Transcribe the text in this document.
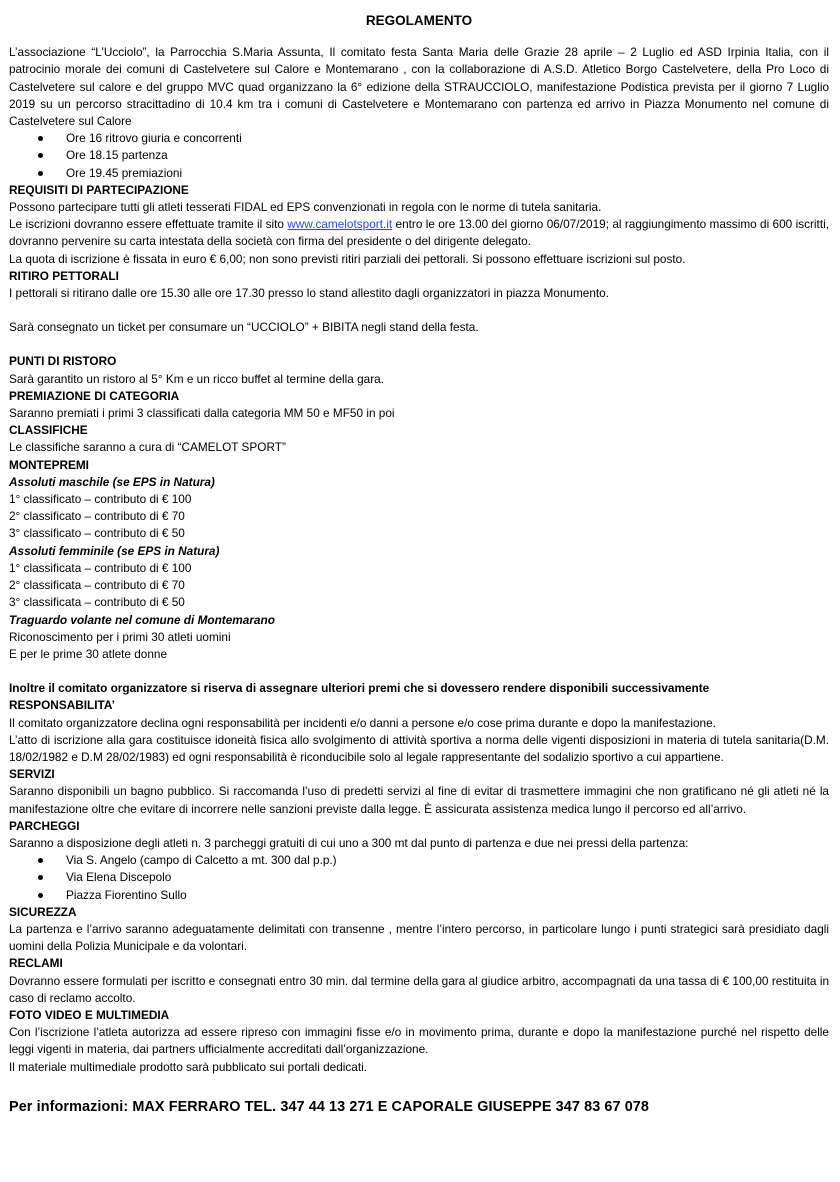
REGOLAMENTO

L’associazione “L’Ucciolo”, la Parrocchia S.Maria Assunta, Il comitato festa Santa Maria delle Grazie 28 aprile – 2 Luglio ed ASD Irpinia Italia, con il patrocinio morale dei comuni di Castelvetere sul Calore e Montemarano , con la collaborazione di A.S.D. Atletico Borgo Castelvetere, della Pro Loco di Castelvetere sul calore e del gruppo MVC quad organizzano la 6° edizione della STRAUCCIOLO, manifestazione Podistica prevista per il giorno 7 Luglio 2019 su un percorso stracittadino di 10.4 km tra i comuni di Castelvetere e Montemarano con partenza ed arrivo in Piazza Monumento nel comune di Castelvetere sul Calore

Ore 16 ritrovo giuria e concorrenti
Ore 18.15 partenza
Ore 19.45 premiazioni

REQUISITI DI PARTECIPAZIONE

Possono partecipare tutti gli atleti tesserati FIDAL ed EPS convenzionati in regola con le norme di tutela sanitaria.

Le iscrizioni dovranno essere effettuate tramite il sito www.camelotsport.it entro le ore 13.00 del giorno 06/07/2019; al raggiungimento massimo di 600 iscritti, dovranno pervenire su carta intestata della società con firma del presidente o del dirigente delegato.

La quota di iscrizione è fissata in euro € 6,00; non sono previsti ritiri parziali dei pettorali. Si possono effettuare iscrizioni sul posto.

RITIRO PETTORALI

I pettorali si ritirano dalle ore 15.30 alle ore 17.30 presso lo stand allestito dagli organizzatori in piazza Monumento.

Sarà consegnato un ticket per consumare un “UCCIOLO” + BIBITA negli stand della festa.

PUNTI DI RISTORO

Sarà garantito un ristoro al 5° Km e un ricco buffet al termine della gara.

PREMIAZIONE DI CATEGORIA

Saranno premiati i primi 3 classificati dalla categoria MM 50 e MF50 in poi

CLASSIFICHE

Le classifiche saranno a cura di “CAMELOT SPORT”

MONTEPREMI

Assoluti maschile (se EPS in Natura)

1° classificato – contributo di € 100

2° classificato – contributo di € 70

3° classificato – contributo di € 50

Assoluti femminile (se EPS in Natura)

1° classificata – contributo di € 100

2° classificata – contributo di € 70

3° classificata – contributo di € 50

Traguardo volante nel comune di Montemarano

Riconoscimento per i primi 30 atleti uomini

E per le prime 30 atlete donne

Inoltre il comitato organizzatore si riserva di assegnare ulteriori premi che si dovessero rendere disponibili successivamente

RESPONSABILITA’

Il comitato organizzatore declina ogni responsabilità per incidenti e/o danni a persone e/o cose prima durante e dopo la manifestazione.

L’atto di iscrizione alla gara costituisce idoneità fisica allo svolgimento di attività sportiva a norma delle vigenti disposizioni in materia di tutela sanitaria(D.M. 18/02/1982 e D.M 28/02/1983) ed ogni responsabilità è riconducibile solo al legale rappresentante del sodalizio sportivo a cui appartiene.

SERVIZI

Saranno disponibili un bagno pubblico. Si raccomanda l’uso di predetti servizi al fine di evitar di trasmettere immagini che non gratificano né gli atleti né la manifestazione oltre che evitare di incorrere nelle sanzioni previste dalla legge. È assicurata assistenza medica lungo il percorso ed all’arrivo.

PARCHEGGI

Saranno a disposizione degli atleti n. 3 parcheggi gratuiti di cui uno a 300 mt dal punto di partenza e due nei pressi della partenza:

Via S. Angelo (campo di Calcetto a mt. 300 dal p.p.)
Via Elena Discepolo
Piazza Fiorentino Sullo

SICUREZZA

La partenza e l’arrivo saranno adeguatamente delimitati con transenne , mentre l’intero percorso, in particolare lungo i punti strategici sarà presidiato dagli uomini della Polizia Municipale e da volontari.

RECLAMI

Dovranno essere formulati per iscritto e consegnati entro 30 min. dal termine della gara al giudice arbitro, accompagnati da una tassa di € 100,00 restituita in caso di reclamo accolto.

FOTO VIDEO E MULTIMEDIA

Con l’iscrizione l’atleta autorizza ad essere ripreso con immagini fisse e/o in movimento prima, durante e dopo la manifestazione purché nel rispetto delle leggi vigenti in materia, dai partners ufficialmente accreditati dall’organizzazione.

Il materiale multimediale prodotto sarà pubblicato sui portali dedicati.

Per informazioni: MAX FERRARO TEL. 347 44 13 271 E CAPORALE GIUSEPPE 347 83 67 078
